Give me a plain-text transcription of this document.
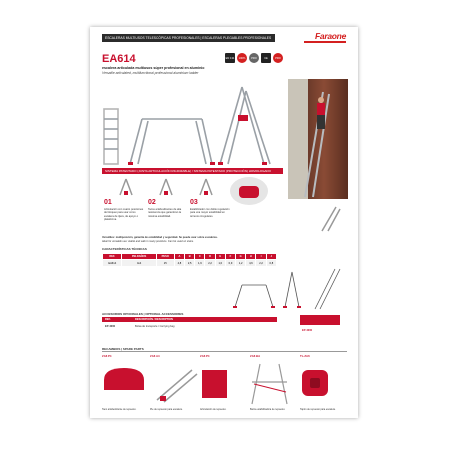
ESCALERAS MULTIUSOS TELESCÓPICAS PROFESIONALES | ESCALERAS PLEGABLES PROFESIONALES	Faraone
EA614
escalera articulada multiusos súper profesional en aluminio
Versatile articulated, multifunctional professional aluminium ladder
EN 131	100%	PRO	CE	PRO
SISTEMA PATENTADO (JUNTA ARTICULACIÓN RIGIDIZABLE) / SISTEMA PATENTADO (PROTECCIÓN) HOMOLOGADO
01
Articulación con cuatro posiciones de bloqueo para usar como escalera de tijera, de apoyo o plataforma.
02
Tacos antideslizantes de alta resistencia que garantizan la máxima estabilidad.
03
Estabilizador con doble regulación para una mayor estabilidad en terrenos irregulares.
Versátiles: multiposición, garantía de estabilidad y seguridad. Se puede usar sobre escaleras.
Ideal for versatile use: stable and safe in many positions. Can be used on stairs.
CARACTERÍSTICAS TÉCNICAS
REF.	PELDAÑOS	PESO	A	B	C	D	E	F	G	H	I	J
EA614	4x4	15	4,8	2,5	1,9	2,2	1,0	0,9	1,2	4,6	2,2	0,8
ACCESORIOS OPCIONALES | OPTIONAL ACCESSORIES
REF.	DESCRIPCIÓN / DESCRIPTION
EP-4000	Bolsa de transporte / Carrying bag
EP-4000
RECAMBIOS | SPARE PARTS
ZA6 P4	ZA6 A4	ZA6 P4	ZA6 BA	TL-ZA6
Taco antideslizante de repuesto.	Pie de repuesto para escalera.	Articulación de repuesto.	Barra estabilizadora de repuesto.	Tapón de repuesto para escalera.
